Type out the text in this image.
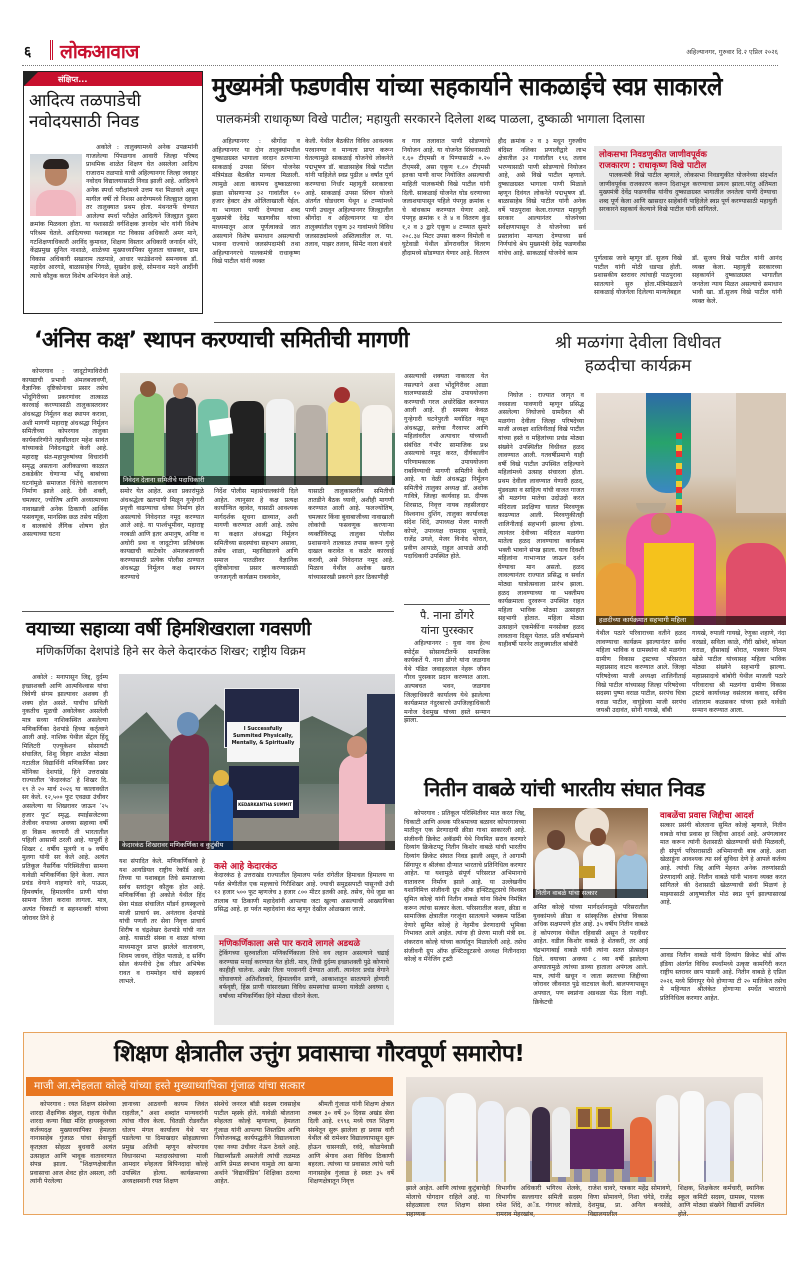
६ लोकआवाज	अहिल्यानगर, गुरुवार दि.२ एप्रिल २०२६
संक्षिप्त...
आदित्य तळपाडेची
नवोदयसाठी निवड

अकोले : तालुक्यामध्ये अनेक उपक्रमांनी गाजलेल्या पिंपळगाव आवारी जिल्हा परिषद प्राथमिक शाळेत शिक्षण घेत असलेला आदित्य राजाराम तळपाडे याची अहिल्यानगर जिल्हा जवाहर नवोदय विद्यालयासाठी निवड झाली आहे. आदित्यने अनेक स्पर्धा परीक्षांमध्ये उत्तम यश मिळवले असून मागील वर्षी तो निशस आरोग्यमध्ये जिल्ह्यात दहावा तर तालुक्यात प्रथम होता. मंथनतर्फे घेण्यात आलेल्या स्पर्धा परीक्षेत आदित्यने जिल्ह्यात दुसरा क्रमांक मिळवला होता. या यशासाठी वर्गशिक्षक ज्ञानदेव भोर यांनी विशेष परिश्रम घेतले. आदित्यच्या यशाबद्दल गट विकास अधिकारी अमर माने, गटशिक्षणाधिकारी अरविंद कुमावत, शिक्षण विस्तार अधिकारी जनार्दन थोरे, केंद्रप्रमुख सुनिल नाशाळे, शाळेच्या मुख्याध्यापिका सुजाता चासकर, ग्राम विकास अधिकारी सखाराम तळपाडे, आधार फाउंडेशनचे समन्वयक डॉ. महादेव आरगडे, बाळासाहेब गिगळे, सुखदेव इल्हे, सोमनाथ मदने आदींनी त्याचे कौतुक करत विशेष अभिनंदन केले आहे.

मुख्यमंत्री फडणवीस यांच्या सहकार्याने साकळाईचे स्वप्न साकारले
पालकमंत्री राधाकृष्ण विखे पाटील; महायुती सरकारने दिलेला शब्द पाळला, दुष्काळी भागाला दिलासा
अहिल्यानगर : श्रीगोंदा व अहिल्यानगर या दोन तालुक्यांमधील दुष्काळग्रस्त भागाला वरदान ठरणाऱ्या साकळाई उपसा सिंचन योजनेस मंत्रिमंडळ बैठकीत मान्यता मिळाली. त्यामुळे आता कायमच दुष्काळाच्या झळा सोसणाऱ्या ३२ गावांतील १० हजार हेक्टर क्षेत्र ओलिताखाली येईल. या भागाला पाणी देण्याचा शब्द मुख्यमंत्री देवेंद्र फडणवीस यांच्या माध्यमातून आज पूर्णत्वाकडे जात असल्याने विशेष समाधान असल्याची भावना राज्याचे जलसंपदामंत्री तथा अहिल्यानगरचे पालकमंत्री राधाकृष्ण विखे पाटील यांनी व्यक्त
केली. येथील बैठकीत विविध आवश्यक परवानग्या व मान्यता प्राप्त करून घेतल्यामुळे साकळाई योजनेचे लोकनेते पद्मभूषण डॉ. बाळासाहेब विखे पाटील यांनी पाहिलेले स्वप्न पुढील ४ वर्षांत पूर्ण करण्याचा निर्धार महायुती सरकारचा आहे. साकळाई उपसा सिंचन योजने अंतर्गत घोडधरण येथून ४ टप्प्यांमध्ये पाणी उचलून अहिल्यानगर जिल्ह्यातील श्रीगोंदा व अहिल्यानगर या दोन तालुक्यांतील एकूण ३२ गावांमध्ये विविध जलसाठ्यांमध्ये अस्तित्वातील ल. पा. तलाव, पाझर तलाव, सिमेंट नाला बंधारे
व गाव तलावात पाणी सोडण्याचे नियोजन आहे. या योजनेत सिंचनासाठी १.६० टीएमसी व पिण्यासाठी ०.२० टीएमसी, असा एकूण १.८० टीएमसी इतका पाणी वापर नियोजित असल्याची माहिती पालकमंत्री विखे पाटील यांनी दिली. साकळाई योजनेत घोड धरणाच्या जलाशयापासून पहिले पंपगृह क्रमांक १ चे बांधकाम करण्यात येणार आहे. पंपगृह क्रमांक १ ते ४ व वितरण कुंड १,२ व ३ द्वारे एकूण ४ टप्प्यात सुमारे २०८.३४ मिटर उपसा करून विमोली व घुटेवाडी येथील डोंगरावरील वितरण हौदामध्ये सोडण्यात येणार आहे. वितरण
हौद क्रमांक २ व ३ मधून गुरुत्वीय बंदिस्त नलिका प्रणालीद्वारे लाभ क्षेत्रातील ३२ गावांतील १९६ तलाव भरण्यासाठी पाणी सोडण्याचे नियोजन आहे, असे विखे पाटील म्हणाले. दुष्काळग्रस्त भागाला पाणी मिळाले म्हणून दिवंगत लोकनेते पद्मभूषण डॉ. बाळासाहेब विखे पाटील यांनी अनेक वर्षे पाठपुरावा केला.राज्यात महायुती सरकार आल्यानंतर योजनेच्या सर्वेक्षणापासून ते योजनेच्या सर्व प्रस्तावांना मान्यता देण्याच्या सर्व निर्णयांचे श्रेय मुख्यमंत्री देवेंद्र फडणवीस यांचेच आहे. साकळाई योजनेचे काम
लोकसभा निवडणुकीत जाणीवपूर्वक
राजकारण : राधाकृष्ण विखे पाटील
पालकमंत्री विखे पाटील म्हणाले, लोकसभा निवडणुकीत योजनेच्या संदर्भात जाणीवपूर्वक राजकारण करून दिशाभूल करण्याचा प्रयत्न झाला.परंतु अंतिमता मुख्यमंत्री देवेंद्र फडणवीस यांनीच दुष्काळग्रस्त भागातील जनतेला पाणी देण्याचा शब्द पूर्ण केला आणि खासदार साहेबांनी पाहिलेले स्वप्न पूर्ण करण्यासाठी महायुती सरकारने सहकार्य केल्याने विखे पाटील यांनी सांगितले.
पूर्णत्वास जावे म्हणून डॉ. सुजय विखे पाटील यांनी मोठी धडपड होती. प्रशासकीय स्तरावर त्यांचाही पाठपुरावा सातत्याने सुरु होता.मंत्रिमंडळाने साकळाई योजनेला दिलेल्या मान्यतेबद्दल
डॉ. सुजय विखे पाटील यांनी आनंद व्यक्त केला. महायुती सरकारच्या सहकार्याने दुष्काळग्रस्त भागातील जनतेला न्याय मिळत असल्याचे समाधान भावी खा. डॉ.सुजय विखे पाटील यांनी व्यक्त केले.
‘अंनिस कक्ष’ स्थापन करण्याची समितीची मागणी
कोपरगाव : जादूटोणाविरोधी कायद्याची प्रभावी अंमलबजावणी, वैज्ञानिक दृष्टिकोनाचा प्रसार तसेच भोंदूगिरीच्या प्रकरणांवर तात्काळ कारवाई करण्यासाठी तालुकास्तरावर अंधश्रद्धा निर्मूलन कक्ष स्थापन करावा, अशी मागणी महाराष्ट्र अंधश्रद्धा निर्मूलन समितीच्या कोपरगाव तालुका कार्यकारिणीने तहसीलदार महेश सावंत यांच्याकडे निवेदनाद्वारे केली आहे. महाराष्ट्र संत-महापुरुषांच्या विचारांनी समृद्ध असताना अलीकडच्या काळात ठकडेकीर घेणाऱ्या भोंदू बाबांच्या घटनांमुळे समाजात चिंतेचे वातावरण निर्माण झाले आहे. देवी शक्ती, चमत्कार, ज्योतिष आणि अध्यात्माच्या नावाखाली अनेक ठिकाणी आर्थिक फसवणूक, मानसिक छळ तसेच महिला व बालकांचे लैंगिक शोषण होत असल्याच्या घटना
निवेदन देताना समितीचे पदाधिकारी
समोर येत आहेत. अशा प्रकारांमुळे अंधश्रद्धेला खतपाणी मिळून गुन्हेगारी प्रवृत्ती वाढण्याचा धोका निर्माण होत असल्याचे निवेदनात नमूद करण्यात आले आहे. या पार्श्वभूमीवर, महाराष्ट्र नरबळी आणि इतर अमानुष, अनिष्ट व अघोरी प्रथा व जादूटोणा प्रतिबंधक कायद्याची काटेकोर अंमलबजावणी करण्यासाठी प्रत्येक पोलीस ठाण्यात अंधश्रद्धा निर्मूलन कक्ष स्थापन करण्याचे
निर्देश पोलीस महासंचालकांनी दिले आहेत. त्यानुसार हे कक्ष प्रत्यक्ष कार्यान्वित व्हावेत, यासाठी आवश्यक मार्गदर्शक सूचना द्याव्यात, अशी मागणी करण्यात आली आहे. तसेच या कक्षात अंधश्रद्धा निर्मूलन समितीच्या सदस्यांचा सहभाग असावा, तसेच शाळा, महाविद्यालये आणि समाज पातळीवर वैज्ञानिक दृष्टिकोनाचा प्रसार करण्यासाठी जनजागृती कार्यक्रम राबवावेत,
यासाठी तालुकास्तरीय समितीची तातडीने बैठक घ्यावी, अशीही मागणी करण्यात आली आहे. फलज्योतिष, चमत्कार किंवा बुवाबाजीच्या नावाखाली लोकांची फसवणूक करणाऱ्या व्यक्तींविरुद्ध तालुका पोलीस प्रशासनाने तात्काळ तपास करून गुन्हे दाखल करावेत व कठोर कारवाई करावी, असे निवेदनात नमूद आहे. मिळाव येथील अशोक खरात यांच्यासारखी प्रकरणे इतर ठिकाणीही
असल्याची शक्यता नाकारता येत नसल्याने अशा भोंदूगिरीवर आळा घालण्यासाठी ठोस उपाययोजना करण्याची गरज अधोरेखित करण्यात आली आहे. ही समस्या केवळ गुन्हेगारी घटनेपुरती मर्यादित नसून अंधश्रद्धा, सत्तेचा गैरवापर आणि महिलांवरील अत्याचार यांच्याशी संबंधित गंभीर सामाजिक प्रश्न असल्याचे नमूद करत, दीर्घकालीन परिणामकारक उपाययोजना राबविण्याची मागणी समितीने केली आहे. या वेळी अंधश्रद्धा निर्मूलन समितीचे तालुका अध्यक्ष डॉ. अशोक गावित्रे, जिल्हा कार्यवाह प्रा. दीपक शिरसाठ, निवृत्त नायब तहसीलदार विश्वनाथ दुशिंग, तालुका कार्याध्यक्ष संदेश शिंदे, उपाध्यक्ष मेजर मारुती कोपरे, उपाध्यक्ष रामदास भुजाडे, राजेंद्र उगले, मेजर विनोद थोरात, प्रवीण आपाळे, राहुल आपाळे आदी पदाधिकारी उपस्थित होते.
श्री मळगंगा देवीला विधीवत
हळदीचा कार्यक्रम
निघोज : राज्यात जागृत व नवसाला पावणारी म्हणून प्रसिद्ध असलेल्या निघोजचे ग्रामदैवत श्री मळगंगा देवीला जिल्हा परिषदेच्या माजी अध्यक्षा शालिनीताई विखे पाटील यांच्या हस्ते व महिलांच्या प्रचंड मोठ्या संख्येने उपस्थितीत विधीवत हळद लावण्यात आली. गतवर्षीप्रमाणे याही वर्षी विखे पाटील उपस्थित राहिल्याने महिलांमध्ये उत्साह संचारला होता. प्रथम देवीला लावण्यात येणारी हळद, मुंडवळ्या व साहित्य यांची वाजत गाजत श्री मळगंगा मातेचा उदोउदो करत मंदिराला प्रदक्षिणा घालत मिरवणूक काढण्यात आली. मिरवणुकीतही शालिनीताई सहभागी झाल्या होत्या. त्यानंतर देवीच्या मंदिरात मळगंगा मातेला हळद लावण्याचा कार्यक्रम भक्ती भावाने संपन्न झाला. याच दिवशी महिलांना गाभाऱ्यात जाऊन दर्शन घेण्याचा मान असतो. हळद लावल्यानंतर राज्यात प्रसिद्ध व सर्वात मोठ्या यात्रोत्सवाला प्रारंभ झाला. हळद लावण्याच्या या भक्तीमय कार्यक्रमाला दुरवरून उपस्थित राहत महिला भाविक मोठ्या उत्साहात सहभागी होतात. महिला मोठ्या उत्साहाने एकमेकींना मनसोक्त हळद लावताना दिसून येतात. प्रति वर्षाप्रमाणे याहीवर्षी पारनेर तालुक्यातील बांबोरी
हळदीच्या कार्यक्रमात सहभागी महिला
येथील पठारे परिवाराच्या वतीने हळद लावण्याचा कार्यक्रम झाल्यानंतर सर्वच महिला भाविक व ग्रामस्थांना श्री मळगंगा ग्रामीण विकास ट्रस्टच्या परिसरात महाप्रसाद वाटप करण्यात आले. जिल्हा परिषदेच्या माजी अध्यक्षा शालिनीताई विखे पाटील यांच्यासह जिल्हा परिषदेच्या सदस्या पुष्पा वराळ पाटील, सरपंच चित्रा वराळ पाटील, वाघुंडेच्या माजी सरपंच जयश्री उदावंत, सोनी गायखे, बॉबी
गायखे, रुपाली गायखे, रेणुका शहाणे, नंदा वरखडे, सविता काळे, गौरी खोबरे, कोमल वराळ, हौसाबाई थोरात, पत्रकार निलम खोसे पाटील यांच्यासह महिला भाविक मोठ्या संख्येने सहभागी झाल्या. महाप्रसादाचे बांबोरी येथील माजली पठारे परिवाराचा श्री मळगंगा ग्रामीण विकास ट्रस्टचे कार्याध्यक्ष वसंतराव कवाद, सचिव शांताराम कळसकर यांच्या हस्ते यावेळी सन्मान करण्यात आला.
पै. नाना डोंगरे
यांना पुरस्कार
अहिल्यानगर : युवा नाव हेल्थ स्पोर्ट्स सोसायटीतर्फे सामाजिक कार्यकर्ते पै. नाना डोंगरे यांना जळगाव येथे पंडित जवाहरलाल नेहरू जीवन गौरव पुरस्कार प्रदान करण्यात आला. अल्पबचत भवन, जळगाव जिल्हाधिकारी कार्यालय येथे झालेल्या कार्यक्रमात नंदुरबारचे उपजिल्हाधिकारी मनोज देशमुख यांच्या हस्ते सन्मान झाला.
वयाच्या सहाव्या वर्षी हिमशिखराला गवसणी
मणिकर्णिका देशपांडे हिने सर केले केदारकंठ शिखर; राष्ट्रीय विक्रम
अकोले : मनापासून जिद्द, दुर्दम्य इच्छाशक्ती आणि आत्मविश्वास यांचा त्रिवेणी संगम झाल्यावर अशक्य ही शक्य होत असते. याचीच प्रचिती नुकतीच मूळची अकोलेकर असलेली मात्र सध्या नाशिकस्थित असलेल्या मणिकर्णिका देशपांडे हिच्या कर्तृत्वाने आली आहे. नाशिक येथील सेंट्रल हिंदू मिलिटरी एज्युकेशन सोसायटी संचालित, शिशु विहार शाळेत मोठ्या गटातील विद्यार्थिनी मणिकर्णिका प्रवर मोनिका देशपांडे, हिने उत्तराखंड राज्यातील ‘केदारकंठ’ हे शिखर दि. १९ ते २० मार्च २०२६ या कालावधीत सर केले. १२,५०० फूट एवढ्या उंचीवर असलेल्या या शिखरावर जाऊन ‘२५ हजार फूट’ स्मृद्ध. स्पाईसजेटच्या तेजीवर वयाच्या अवघ्या सहाव्या वर्षी हा विक्रम करणारी ती भारतातील पहिली आसामी ठरली आहे. यापूर्वी हे शिखर ८ वर्षीय मुलगी व ७ वर्षीय मुलगा यांनी सर केले आहे. अत्यंत प्रतिकूल नैसर्गिक परिस्थितीचा सामना यावेळी मणिकर्णिका हिने केला. त्यात प्रचंड वेगाने वाहणारे वारे, पाऊस, हिमवर्षाव, हिमालयीन प्राणी यांचा सामना तिला करावा लागला. मात्र, अत्यंत चिकाटी व सहनशक्ती यांच्या जोरावर तिने हे
I Successfully Summited Physically, Mentally, & Spiritually
KEDARKANTHA SUMMIT
केदारकंठ शिखरावर मणिकर्णिका व कुटुंबीय
यश संपादित केले. मणिकर्णिकाचे हे यश आयडियल राष्ट्रीय रेकॉर्ड आहे. तिच्या या यशाबद्दल तिचे समाजाच्या सर्वच स्तरांतून कौतुक होत आहे. मणिकर्णिका ही अकोले येथील हिंद सेवा मंडळ संचालित मॉडर्न हायस्कूलचे माजी प्राचार्य स्व. अनंतराव देशपांडे यांची पणती तर सेवा निवृत्त प्राचार्य शिरीष व चंद्रशेखर देशपांडे यांची नात आहे. यासाठी संस्था व शाळा यांच्या माध्यमातून प्राप्त झालेले वातावरण, शिवम जाधव, रोहित पाताळे, द सर्विंग सोल कंपनीचे ट्रेक लीडर अभिषेक रावत व राममोहन यांचे सहकार्य लाभले.
कसे आहे केदारकंठ
केदारकंठ हे उत्तराखंड राज्यातील हिमालय पर्वत रांगेतील हिमाचल हिमालय या पर्वत श्रेणीतील एक महत्त्वाचे गिरीशिखर आहे. ज्याची समुद्रसपाटी पासूनची उंची १२ हजार ५०० फूट म्हणजेच ३ हजार ८०० मीटर इतकी आहे. तसेच, येथे जुडा का तालाब या ठिकाणी महादेवांनी आपल्या जटा खुल्या असल्याची आख्यायिका प्रसिद्ध आहे. हा पर्वत महादेवांना कंठ म्हणून देखील ओळखला जातो.
मणिकर्णिकाला असे पार करावे लागले अडथळे
ट्रेकिंगच्या सुरुवातीला मणिकर्णिकाला तिचे वय लहान असल्याने चढाई करण्यास मनाई करण्यात येत होती. मात्र, तिची दुर्दम्य इच्छाशक्ती पुढे कोणाचे काहीही चालेना. अखेर तिला परवानगी देण्यात आली. त्यानंतर प्रचंड वेगाने घोंघावणारे अतिशीतवारे, हिमालयीन प्राणी, आकाशातून सातत्याने होणारी बर्फवृष्टी, हिंस्र प्राणी यांसारख्या विविध समस्यांचा सामना यावेळी अवघ्या ६ वर्षांच्या मणिकर्णिका हिने मोठ्या धीराने केला.
नितीन वाबळे यांची भारतीय संघात निवड
कोपरगाव : प्रतिकूल परिस्थितीवर मात करत जिद्द, चिकाटी आणि अथक परिश्रमाच्या बळावर कोपरगावच्या मातीतून एक प्रेरणादायी क्रीडा गाथा साकारली आहे. संजीवनी क्रिकेट अकॅडमी येथे नियमित सराव करणारे दिव्यांग क्रिकेटपटू नितीन किशोर वाबळे यांची भारतीय दिव्यांग क्रिकेट संघात निवड झाली असून, ते आगामी सिंगापूर व श्रीलंका दौऱ्यात भारताचे प्रतिनिधित्व करणार आहेत. या यशामुळे संपूर्ण परिसरात अभिमानाचे वातावरण निर्माण झाले आहे. या उल्लेखनीय यशानिमित्त संजीवनी ग्रुप ऑफ इन्स्टिट्यूटसचे विश्वस्त सुमित कोल्हे यांनी नितीन वाबळे यांना विशेष निमंत्रित करून त्यांचा सत्कार केला. परिसरातील कला, क्रीडा व सामाजिक क्षेत्रातील गरजूंना सातत्याने भक्कम पाठिंबा देणारे सुमित कोल्हे हे नेहमीच प्रेरणादायी भूमिका निभावत आले आहेत. त्यांना ही प्रेरणा माजी मंत्री स्व. शंकरराव कोल्हे यांच्या कार्यातून मिळालेली आहे. तसेच संजीवनी ग्रुप ऑफ इन्स्टिट्यूटसचे अध्यक्ष नितीनदादा कोल्हे व मॅनेजिंग ट्रस्टी
नितीन वाबळे यांचा सत्कार
अमित कोल्हे यांच्या मार्गदर्शनामुळे परिसरातील युवकांमध्ये क्रीडा व सांस्कृतिक क्षेत्रांचा विकास अधिक सक्षमपणे होत आहे. ३५ वर्षीय नितीन वाबळे हे कोपरगाव येथील रहिवासी असून ते पदवीधर आहेत. वडील किशोर वाबळे हे शेतकरी, तर आई चंद्रभागाबाई वाबळे यांनी त्यांना सतत प्रोत्साहन दिले. वयाच्या अवघ्या ८ व्या वर्षी झालेल्या अपघातामुळे त्यांच्या डाव्या हाताला अपंगत्व आले. मात्र, त्यांनी खचून न जाता स्वतःच्या जिद्दीच्या जोरावर जीवनात पुढे वाटचाल केली. बालपणापासून अपघात, पण स्वप्नांना अडथळा येऊ दिला नाही. क्रिकेटची
वाबळेंचा प्रवास जिद्दीचा आदर्श
सत्कार प्रसंगी बोलताना सुमित कोल्हे म्हणाले, नितीन वाबळे यांचा प्रवास हा जिद्दीचा आदर्श आहे. अपंगत्वावर मात करून त्यांनी देशासाठी खेळण्याची संधी मिळवली, ही संपूर्ण परिसरासाठी अभिमानाची बाब आहे. अशा खेळाडूंना आवश्यक त्या सर्व सुविधा देणे हे आपले कर्तव्य आहे. त्यांची जिद्द आणि मेहनत अनेक तरुणांसाठी प्रेरणादायी आहे. नितीन वाबळे यांनी भावना व्यक्त करत सांगितले की देशासाठी खेळण्याची संधी मिळणं हे माझ्यासाठी आयुष्यातील मोठं स्वप्न पूर्ण झाल्यासारखं आहे.
आवड नितीन वाबळे यांनी दिव्यांग क्रिकेट बोर्ड ऑफ इंडिया अंतर्गत विविध स्पर्धांमध्ये उत्कृष्ट कामगिरी करत राष्ट्रीय स्तरावर छाप पाडली आहे. नितीन वाबळे हे एप्रिल २०२६ मध्ये सिंगापूर येथे होणाऱ्या टी २० मालिकेत तसेच मे महिन्यात श्रीलंकेत होणाऱ्या स्पर्धेत भारताचे प्रतिनिधित्व करणार आहेत.
शिक्षण क्षेत्रातील उत्तुंग प्रवासाचा गौरवपूर्ण समारोप!
माजी आ.स्नेहलता कोल्हे यांच्या हस्ते मुख्याध्यापिका गुंजाळ यांचा सत्कार
कोपरगाव : रयत शिक्षण संस्थेच्या शारदा शैक्षणिक संकुल, राहता येथील शारदा कन्या विद्या मंदिर हायस्कूलच्या कर्तव्यदक्ष मुख्याध्यापिका हेमलता नानासाहेब गुंजाळ यांचा सेवापूर्ती कृतज्ञता सोहळा बुधवारी अत्यंत उत्साहात आणि भावूक वातावरणात संपन्न झाला. "शिक्षणक्षेत्रातील प्रवासाचा आज शेवट होत असला, तरी त्यांनी पेरलेल्या
ज्ञानाच्या आठवणी कायम जिवंत राहतील," अशा शब्दांत मान्यवरांनी त्यांचा गौरव केला. चितळी रोडवरील धोलप मंगल कार्यालय येथे पार पडलेल्या या दिमाखदार सोहळ्याच्या प्रमुख अतिथी म्हणून कोपरगाव विधानसभा मतदारसंघाच्या माजी आमदार स्नेहलता बिपिनदादा कोल्हे उपस्थित होत्या. कार्यक्रमाच्या अध्यक्षस्थानी रयत शिक्षण
संस्थेचे जनरल बॉडी सदस्य रावसाहेब पाटील म्हस्के होते. यावेळी बोलताना स्नेहलता कोल्हे म्हणाल्या, हेमलता गुंजाळ यांनी आपल्या शिस्तप्रिय आणि नियोजनबद्ध कार्यपद्धतीने विद्यालयाला एका नव्या उंचीवर नेऊन ठेवले आहे. विद्यार्थ्यांप्रती असलेली त्यांची तळमळ आणि प्रेमळ स्वभाव यामुळे त्या खऱ्या अर्थाने ‘विद्यार्थीप्रिय’ शिक्षिका ठरल्या आहेत.
श्रीमती गुंजाळ यांनी शिक्षण क्षेत्रात तब्बल ३० वर्षे ३० दिवस अखंड सेवा दिली आहे. १९९६ मध्ये रयत शिक्षण संस्थेतून सुरू झालेला हा प्रवास वारी येथील श्री रामेश्वर विद्यालयापासून सुरू होऊन चासनळी, रवंदे, कोळपेवाडी आणि श्रेगाव अशा विविध ठिकाणी बहरला. त्यांच्या या प्रवासात त्यांचे पती नानासाहेब गुंजाळ हे स्वतः ३५ वर्षे शिक्षणक्षेत्रातून निवृत्त
झाले आहेत. आणि त्यांच्या कुटुंबाचेही मोलाचे योगदान राहिले आहे. या सोहळ्याला रयत शिक्षण संस्था सहाय्यक
विभागीय अधिकारी भगिरथ शेलके, विभागीय सल्लागार समिती सदस्य रमेश शिंदे, अॅड. गंगाधर कोताडे, रामराव मेहरखांब,
राजेश चावरे, पत्रकार महेंद्र सोमावणे, विणा सोमावणे, निशा चंगेडे, राजेंद्र देशमुख, प्रा. अनिल बनसोडे, विद्यालयातील
शिक्षक, शिक्षकेतर कर्मचारी, स्थानिक स्कूल कमिटी सदस्य, ग्रामस्थ, पालक आणि मोठ्या संख्येने विद्यार्थी उपस्थित होते.
